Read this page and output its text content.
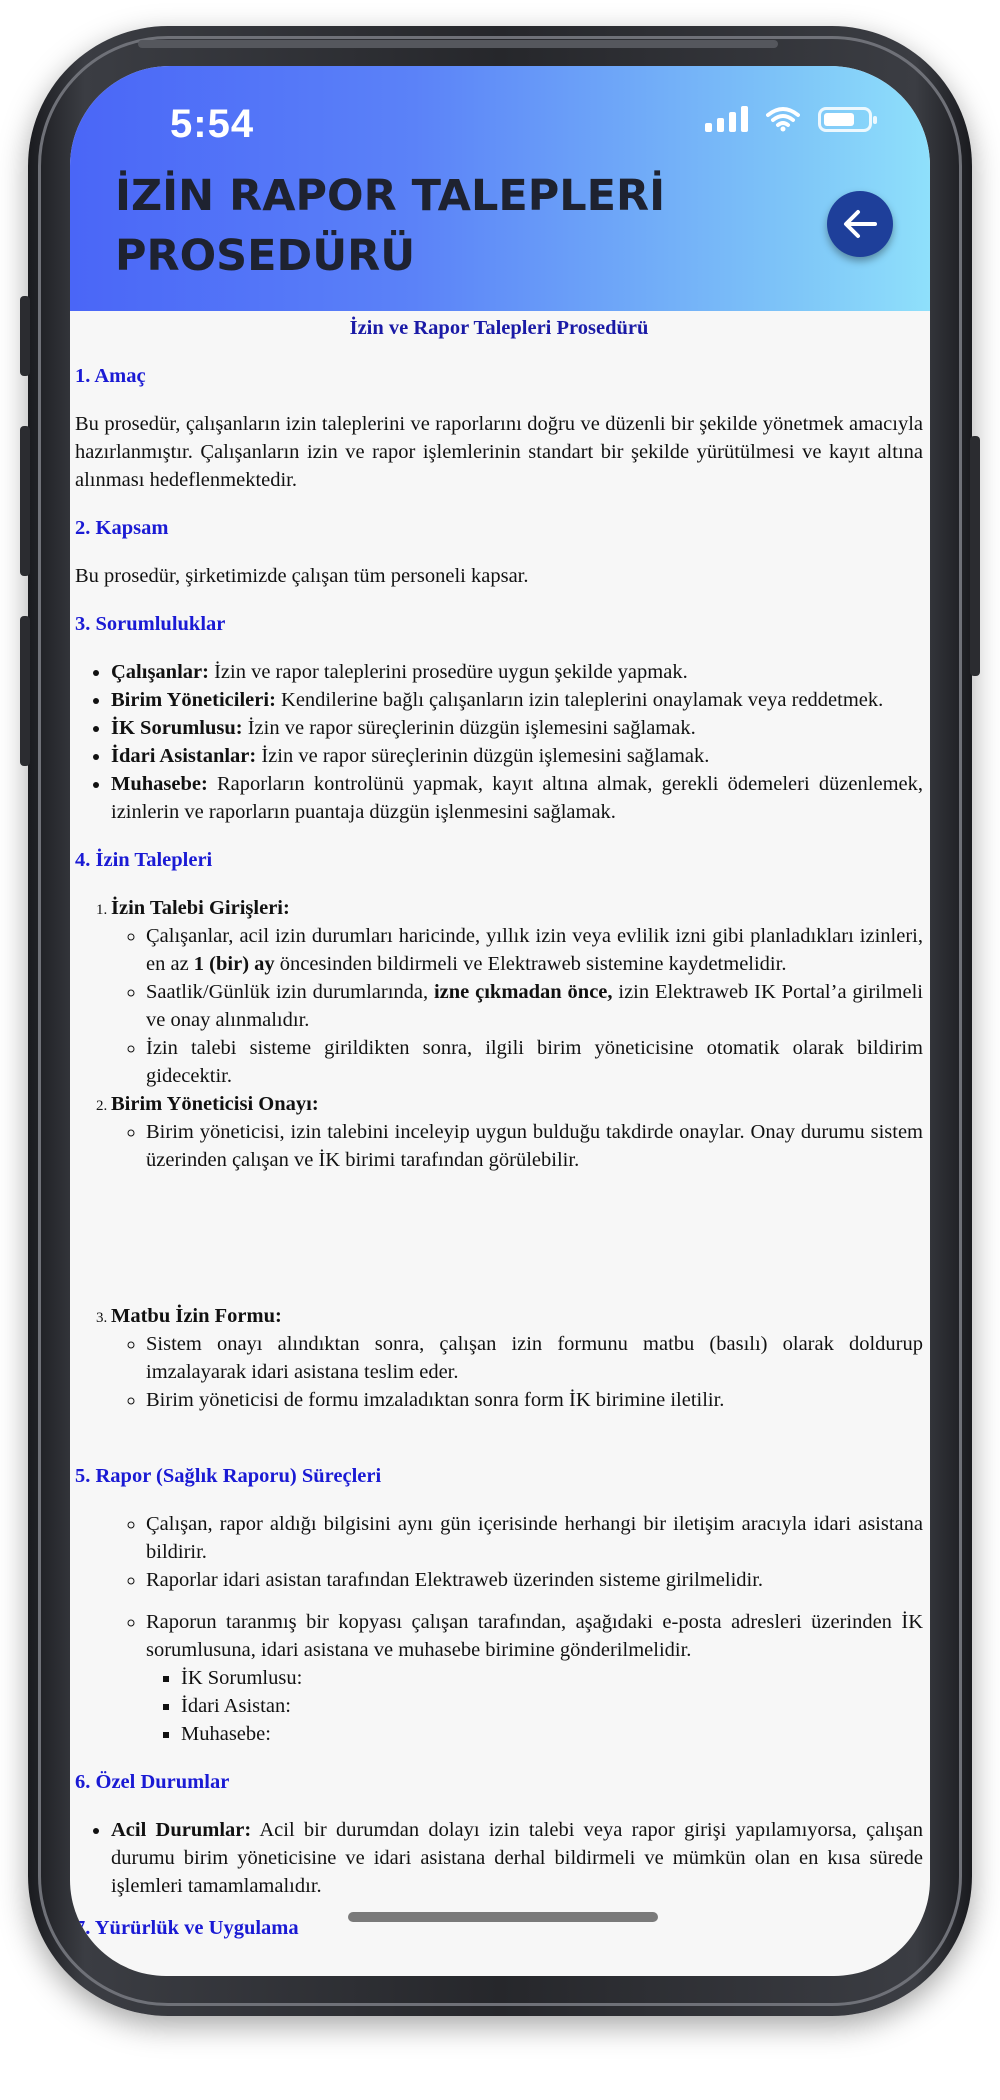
5:54
İZİN RAPOR TALEPLERİ
PROSEDÜRÜ
İzin ve Rapor Talepleri Prosedürü
1. Amaç

Bu prosedür, çalışanların izin taleplerini ve raporlarını doğru ve düzenli bir şekilde yönetmek amacıyla hazırlanmıştır. Çalışanların izin ve rapor işlemlerinin standart bir şekilde yürütülmesi ve kayıt altına alınması hedeflenmektedir.

2. Kapsam

Bu prosedür, şirketimizde çalışan tüm personeli kapsar.

3. Sorumluluklar
• Çalışanlar: İzin ve rapor taleplerini prosedüre uygun şekilde yapmak.
• Birim Yöneticileri: Kendilerine bağlı çalışanların izin taleplerini onaylamak veya reddetmek.
• İK Sorumlusu: İzin ve rapor süreçlerinin düzgün işlemesini sağlamak.
• İdari Asistanlar: İzin ve rapor süreçlerinin düzgün işlemesini sağlamak.
• Muhasebe: Raporların kontrolünü yapmak, kayıt altına almak, gerekli ödemeleri düzenlemek, izinlerin ve raporların puantaja düzgün işlenmesini sağlamak.
4. İzin Talepleri
1. İzin Talebi Girişleri:
◦ Çalışanlar, acil izin durumları haricinde, yıllık izin veya evlilik izni gibi planladıkları izinleri, en az 1 (bir) ay öncesinden bildirmeli ve Elektraweb sistemine kaydetmelidir.
◦ Saatlik/Günlük izin durumlarında, izne çıkmadan önce, izin Elektraweb IK Portal’a girilmeli ve onay alınmalıdır.
◦ İzin talebi sisteme girildikten sonra, ilgili birim yöneticisine otomatik olarak bildirim gidecektir.
2. Birim Yöneticisi Onayı:
◦ Birim yöneticisi, izin talebini inceleyip uygun bulduğu takdirde onaylar. Onay durumu sistem üzerinden çalışan ve İK birimi tarafından görülebilir.
3. Matbu İzin Formu:
◦ Sistem onayı alındıktan sonra, çalışan izin formunu matbu (basılı) olarak doldurup imzalayarak idari asistana teslim eder.
◦ Birim yöneticisi de formu imzaladıktan sonra form İK birimine iletilir.
5. Rapor (Sağlık Raporu) Süreçleri
◦ Çalışan, rapor aldığı bilgisini aynı gün içerisinde herhangi bir iletişim aracıyla idari asistana bildirir.
◦ Raporlar idari asistan tarafından Elektraweb üzerinden sisteme girilmelidir.
◦ Raporun taranmış bir kopyası çalışan tarafından, aşağıdaki e-posta adresleri üzerinden İK sorumlusuna, idari asistana ve muhasebe birimine gönderilmelidir.
▪ İK Sorumlusu:
▪ İdari Asistan:
▪ Muhasebe:
6. Özel Durumlar
• Acil Durumlar: Acil bir durumdan dolayı izin talebi veya rapor girişi yapılamıyorsa, çalışan durumu birim yöneticisine ve idari asistana derhal bildirmeli ve mümkün olan en kısa sürede işlemleri tamamlamalıdır.
7. Yürürlük ve Uygulama
